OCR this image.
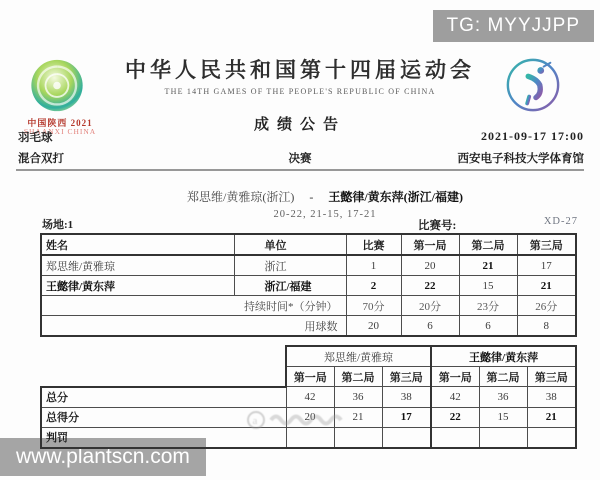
TG: MYYJJPP
www.plantscn.com
中国陕西 2021
SHAANXI CHINA
中华人民共和国第十四届运动会
THE 14TH GAMES OF THE PEOPLE'S REPUBLIC OF CHINA
成绩公告
2021-09-17 17:00
羽毛球
混合双打	决赛	西安电子科技大学体育馆
郑思维/黄雅琼(浙江) - 王懿律/黄东萍(浙江/福建)
20-22, 21-15, 17-21
场地:1	比赛号:	XD-27
姓名	单位	比赛	第一局	第二局	第三局
郑思维/黄雅琼	浙江	1	20	21	17
王懿律/黄东萍	浙江/福建	2	22	15	21
持续时间*（分钟）		70分	20分	23分	26分
用球数		20	6	6	8
	郑思维/黄雅琼			王懿律/黄东萍		
	第一局	第二局	第三局	第一局	第二局	第三局
总分	42	36	38	42	36	38
总得分	20	21	17	22	15	21
判罚						
a
